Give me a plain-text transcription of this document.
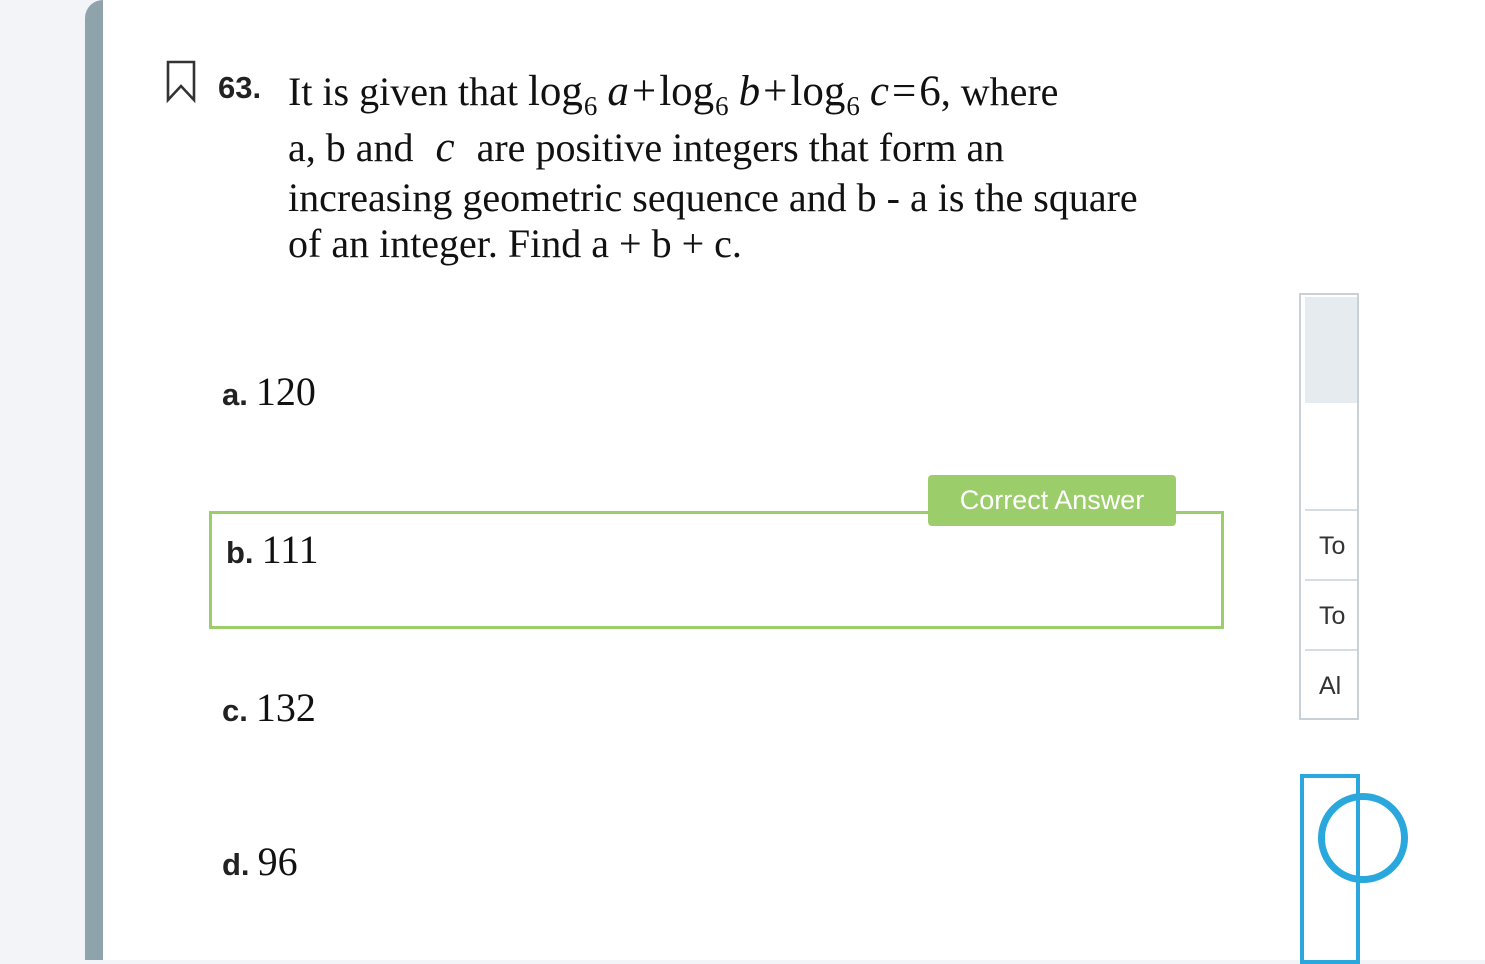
63. It is given that $\log_6 a+\log_6$ $b+\log_6$ c=6, where
a, b and c are positive integers that form an
increasing geometric sequence and b - a is the square
of an integer. Find a + b + c.
a. 120
Correct Answer
b. 111
c. 132
d. 96
To
To
Al
